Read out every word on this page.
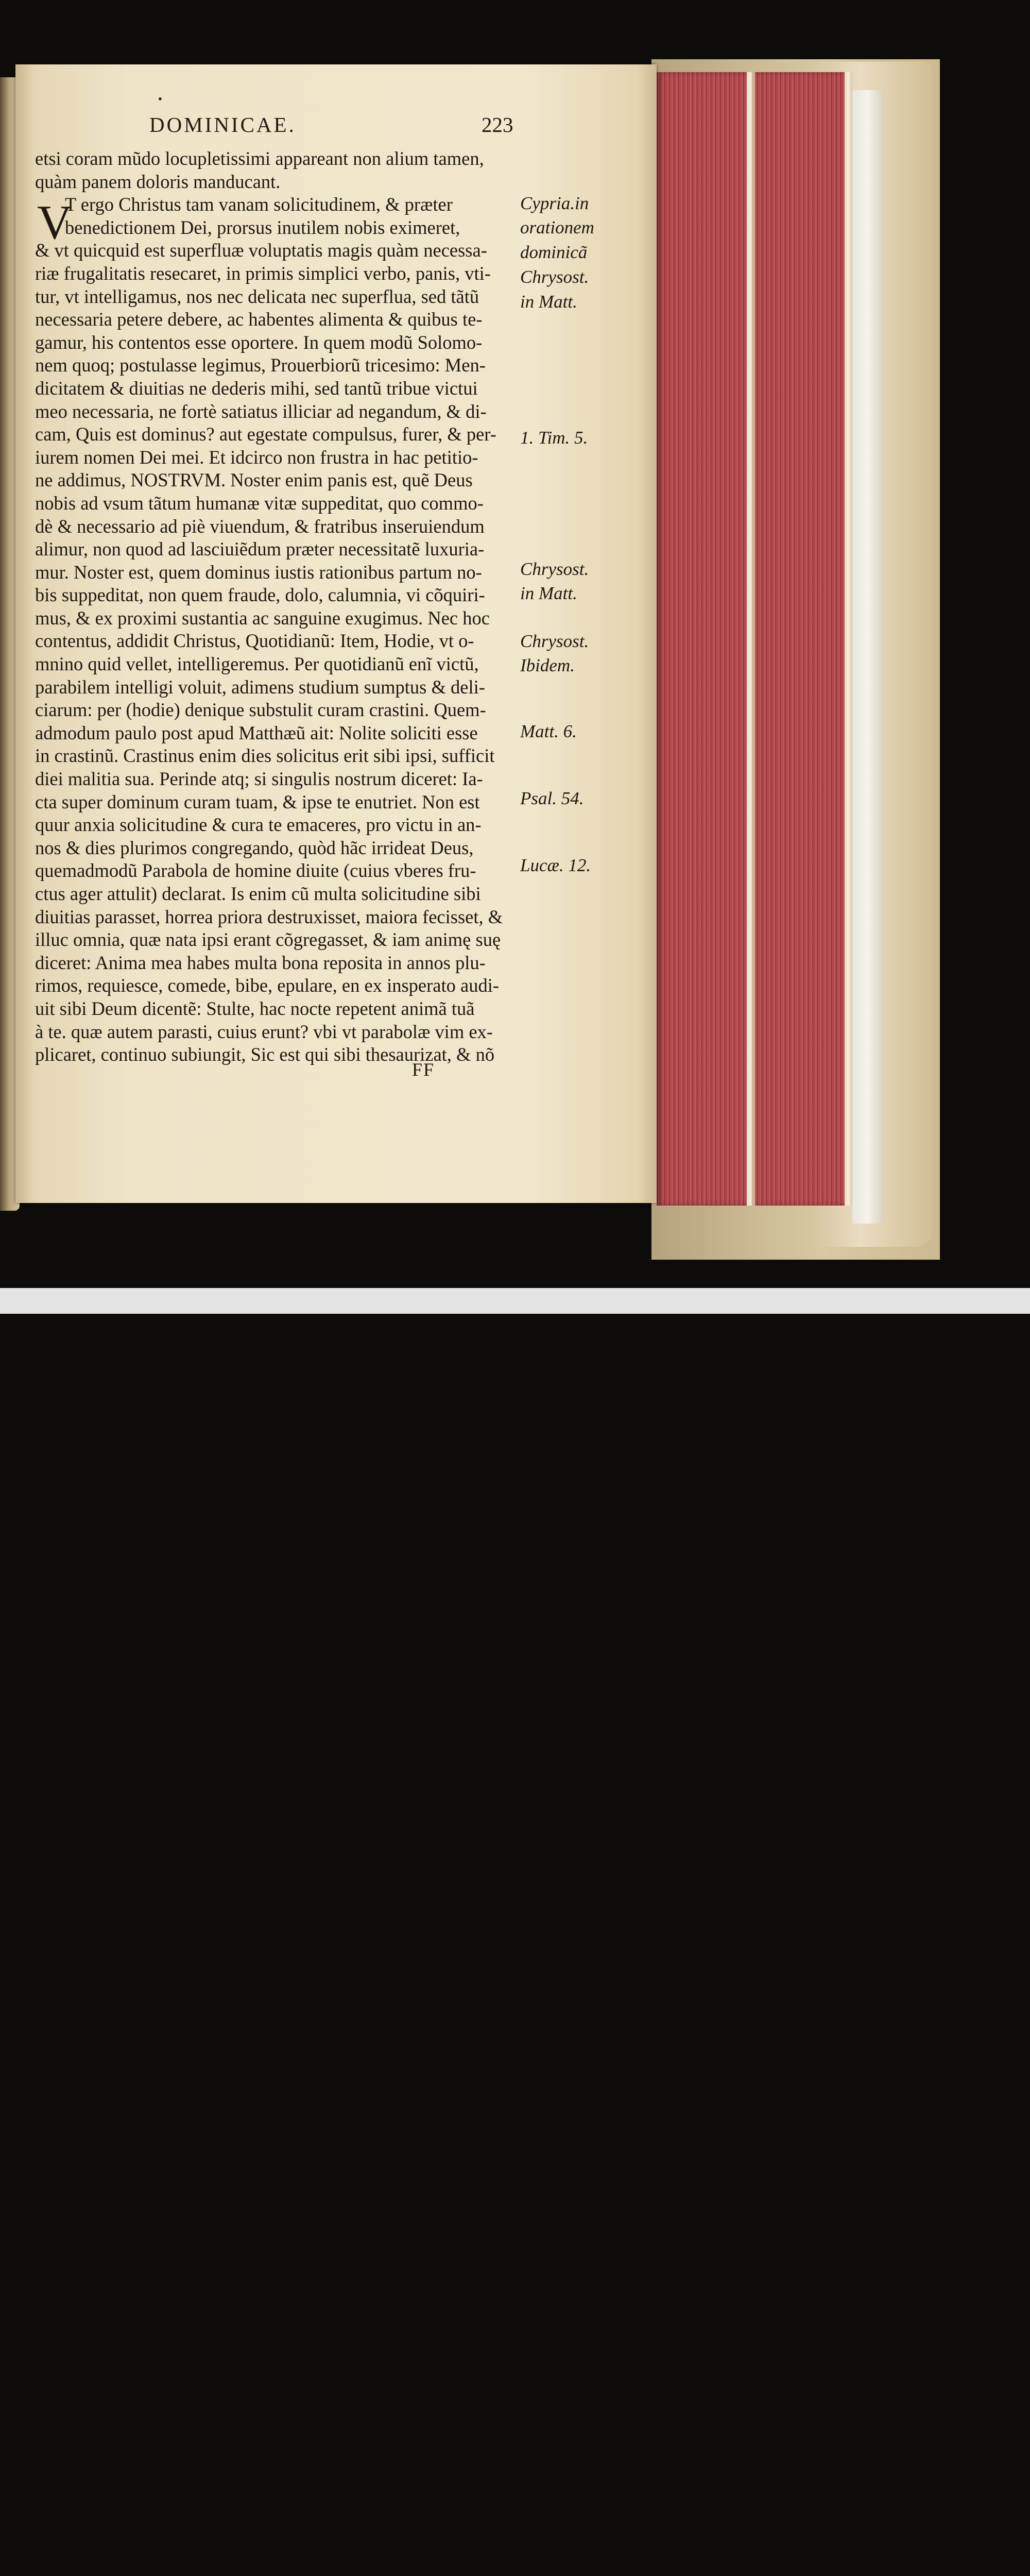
•
DOMINICAE.	223
V
etsi coram mũdo locupletissimi appareant non alium tamen,
quàm panem doloris manducant.
T ergo Christus tam vanam solicitudinem, & præter
benedictionem Dei, prorsus inutilem nobis eximeret,
& vt quicquid est superfluæ voluptatis magis quàm necessa-
riæ frugalitatis resecaret, in primis simplici verbo, panis, vti-
tur, vt intelligamus, nos nec delicata nec superflua, sed tãtũ
necessaria petere debere, ac habentes alimenta & quibus te-
gamur, his contentos esse oportere. In quem modũ Solomo-
nem quoq; postulasse legimus, Prouerbiorũ tricesimo: Men-
dicitatem & diuitias ne dederis mihi, sed tantũ tribue victui
meo necessaria, ne fortè satiatus illiciar ad negandum, & di-
cam, Quis est dominus? aut egestate compulsus, furer, & per-
iurem nomen Dei mei. Et idcirco non frustra in hac petitio-
ne addimus, NOSTRVM. Noster enim panis est, quẽ Deus
nobis ad vsum tãtum humanæ vitæ suppeditat, quo commo-
dè & necessario ad piè viuendum, & fratribus inseruiendum
alimur, non quod ad lasciuiẽdum præter necessitatẽ luxuria-
mur. Noster est, quem dominus iustis rationibus partum no-
bis suppeditat, non quem fraude, dolo, calumnia, vi cõquiri-
mus, & ex proximi sustantia ac sanguine exugimus. Nec hoc
contentus, addidit Christus, Quotidianũ: Item, Hodie, vt o-
mnino quid vellet, intelligeremus. Per quotidianũ enĩ victũ,
parabilem intelligi voluit, adimens studium sumptus & deli-
ciarum: per (hodie) denique substulit curam crastini. Quem-
admodum paulo post apud Matthæũ ait: Nolite soliciti esse
in crastinũ. Crastinus enim dies solicitus erit sibi ipsi, sufficit
diei malitia sua. Perinde atq; si singulis nostrum diceret: Ia-
cta super dominum curam tuam, & ipse te enutriet. Non est
quur anxia solicitudine & cura te emaceres, pro victu in an-
nos & dies plurimos congregando, quòd hãc irrideat Deus,
quemadmodũ Parabola de homine diuite (cuius vberes fru-
ctus ager attulit) declarat. Is enim cũ multa solicitudine sibi
diuitias parasset, horrea priora destruxisset, maiora fecisset, &
illuc omnia, quæ nata ipsi erant cõgregasset, & iam animę suę
diceret: Anima mea habes multa bona reposita in annos plu-
rimos, requiesce, comede, bibe, epulare, en ex insperato audi-
uit sibi Deum dicentẽ: Stulte, hac nocte repetent animã tuã
à te. quæ autem parasti, cuius erunt? vbi vt parabolæ vim ex-
plicaret, continuo subiungit, Sic est qui sibi thesaurizat, & nõ
Cypria.in
orationem
dominicã
Chrysost.
in Matt.
1. Tim. 5.
Chrysost.
in Matt.
Chrysost.
Ibidem.
Matt. 6.
Psal. 54.
Lucæ. 12.
FF
